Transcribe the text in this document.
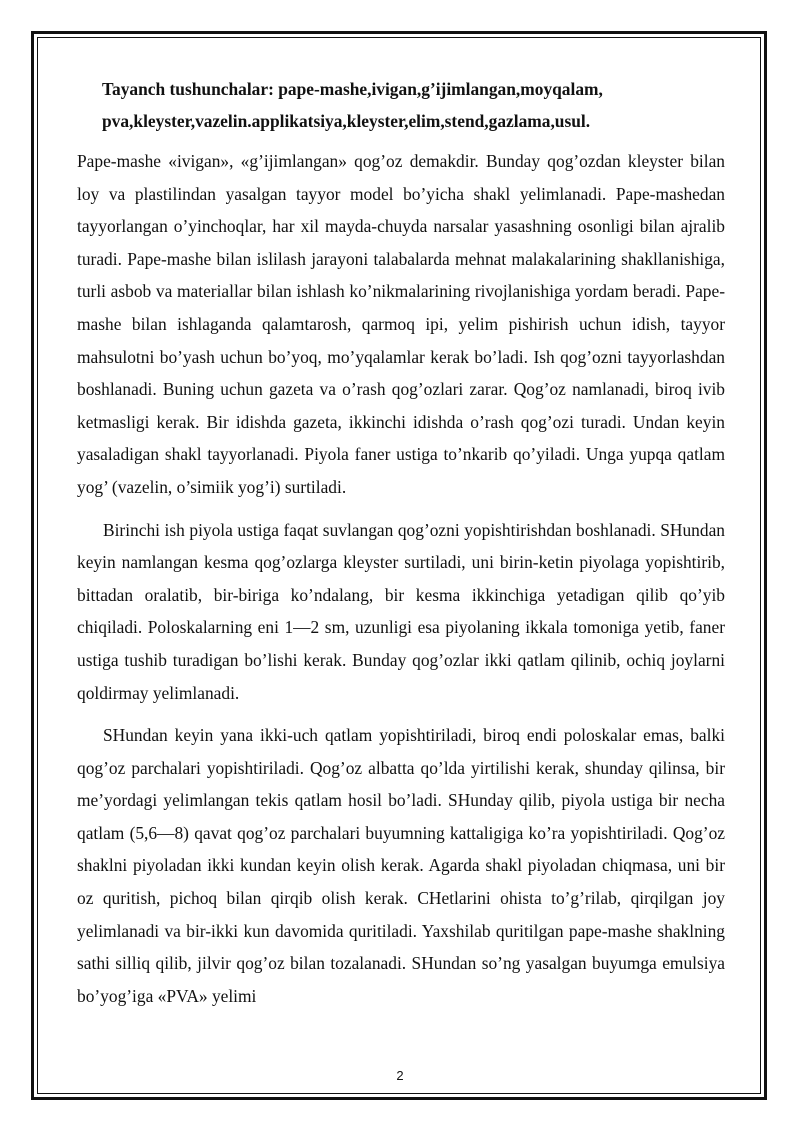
Tayanch tushunchalar: pape-mashe,ivigan,g’ijimlangan,moyqalam, pva,kleyster,vazelin.applikatsiya,kleyster,elim,stend,gazlama,usul.

Pape-mashe «ivigan», «g’ijimlangan» qog’oz demakdir. Bunday qog’ozdan kleyster bilan loy va plastilindan yasalgan tayyor model bo’yicha shakl yelimlanadi. Pape-mashedan tayyorlangan o’yinchoqlar, har xil mayda-chuyda narsalar yasashning osonligi bilan ajralib turadi. Pape-mashe bilan islilash jarayoni talabalarda mehnat malakalarining shakllanishiga, turli asbob va materiallar bilan ishlash ko’nikmalarining rivojlanishiga yordam beradi. Pape-mashe bilan ishlaganda qalamtarosh, qarmoq ipi, yelim pishirish uchun idish, tayyor mahsulotni bo’yash uchun bo’yoq, mo’yqalamlar kerak bo’ladi. Ish qog’ozni tayyorlashdan boshlanadi. Buning uchun gazeta va o’rash qog’ozlari zarar. Qog’oz namlanadi, biroq ivib ketmasligi kerak. Bir idishda gazeta, ikkinchi idishda o’rash qog’ozi turadi. Undan keyin yasaladigan shakl tayyorlanadi. Piyola faner ustiga to’nkarib qo’yiladi. Unga yupqa qatlam yog’ (vazelin, o’simiik yog’i) surtiladi.

Birinchi ish piyola ustiga faqat suvlangan qog’ozni yopishtirishdan boshlanadi. SHundan keyin namlangan kesma qog’ozlarga kleyster surtiladi, uni birin-ketin piyolaga yopishtirib, bittadan oralatib, bir-biriga ko’ndalang, bir kesma ikkinchiga yetadigan qilib qo’yib chiqiladi. Poloskalarning eni 1—2 sm, uzunligi esa piyolaning ikkala tomoniga yetib, faner ustiga tushib turadigan bo’lishi kerak. Bunday qog’ozlar ikki qatlam qilinib, ochiq joylarni qoldirmay yelimlanadi.

SHundan keyin yana ikki-uch qatlam yopishtiriladi, biroq endi poloskalar emas, balki qog’oz parchalari yopishtiriladi. Qog’oz albatta qo’lda yirtilishi kerak, shunday qilinsa, bir me’yordagi yelimlangan tekis qatlam hosil bo’ladi. SHunday qilib, piyola ustiga bir necha qatlam (5,6—8) qavat qog’oz parchalari buyumning kattaligiga ko’ra yopishtiriladi. Qog’oz shaklni piyoladan ikki kundan keyin olish kerak. Agarda shakl piyoladan chiqmasa, uni bir oz quritish, pichoq bilan qirqib olish kerak. CHetlarini ohista to’g’rilab, qirqilgan joy yelimlanadi va bir-ikki kun davomida quritiladi. Yaxshilab quritilgan pape-mashe shaklning sathi silliq qilib, jilvir qog’oz bilan tozalanadi. SHundan so’ng yasalgan buyumga emulsiya bo’yog’iga «PVA» yelimi

2
